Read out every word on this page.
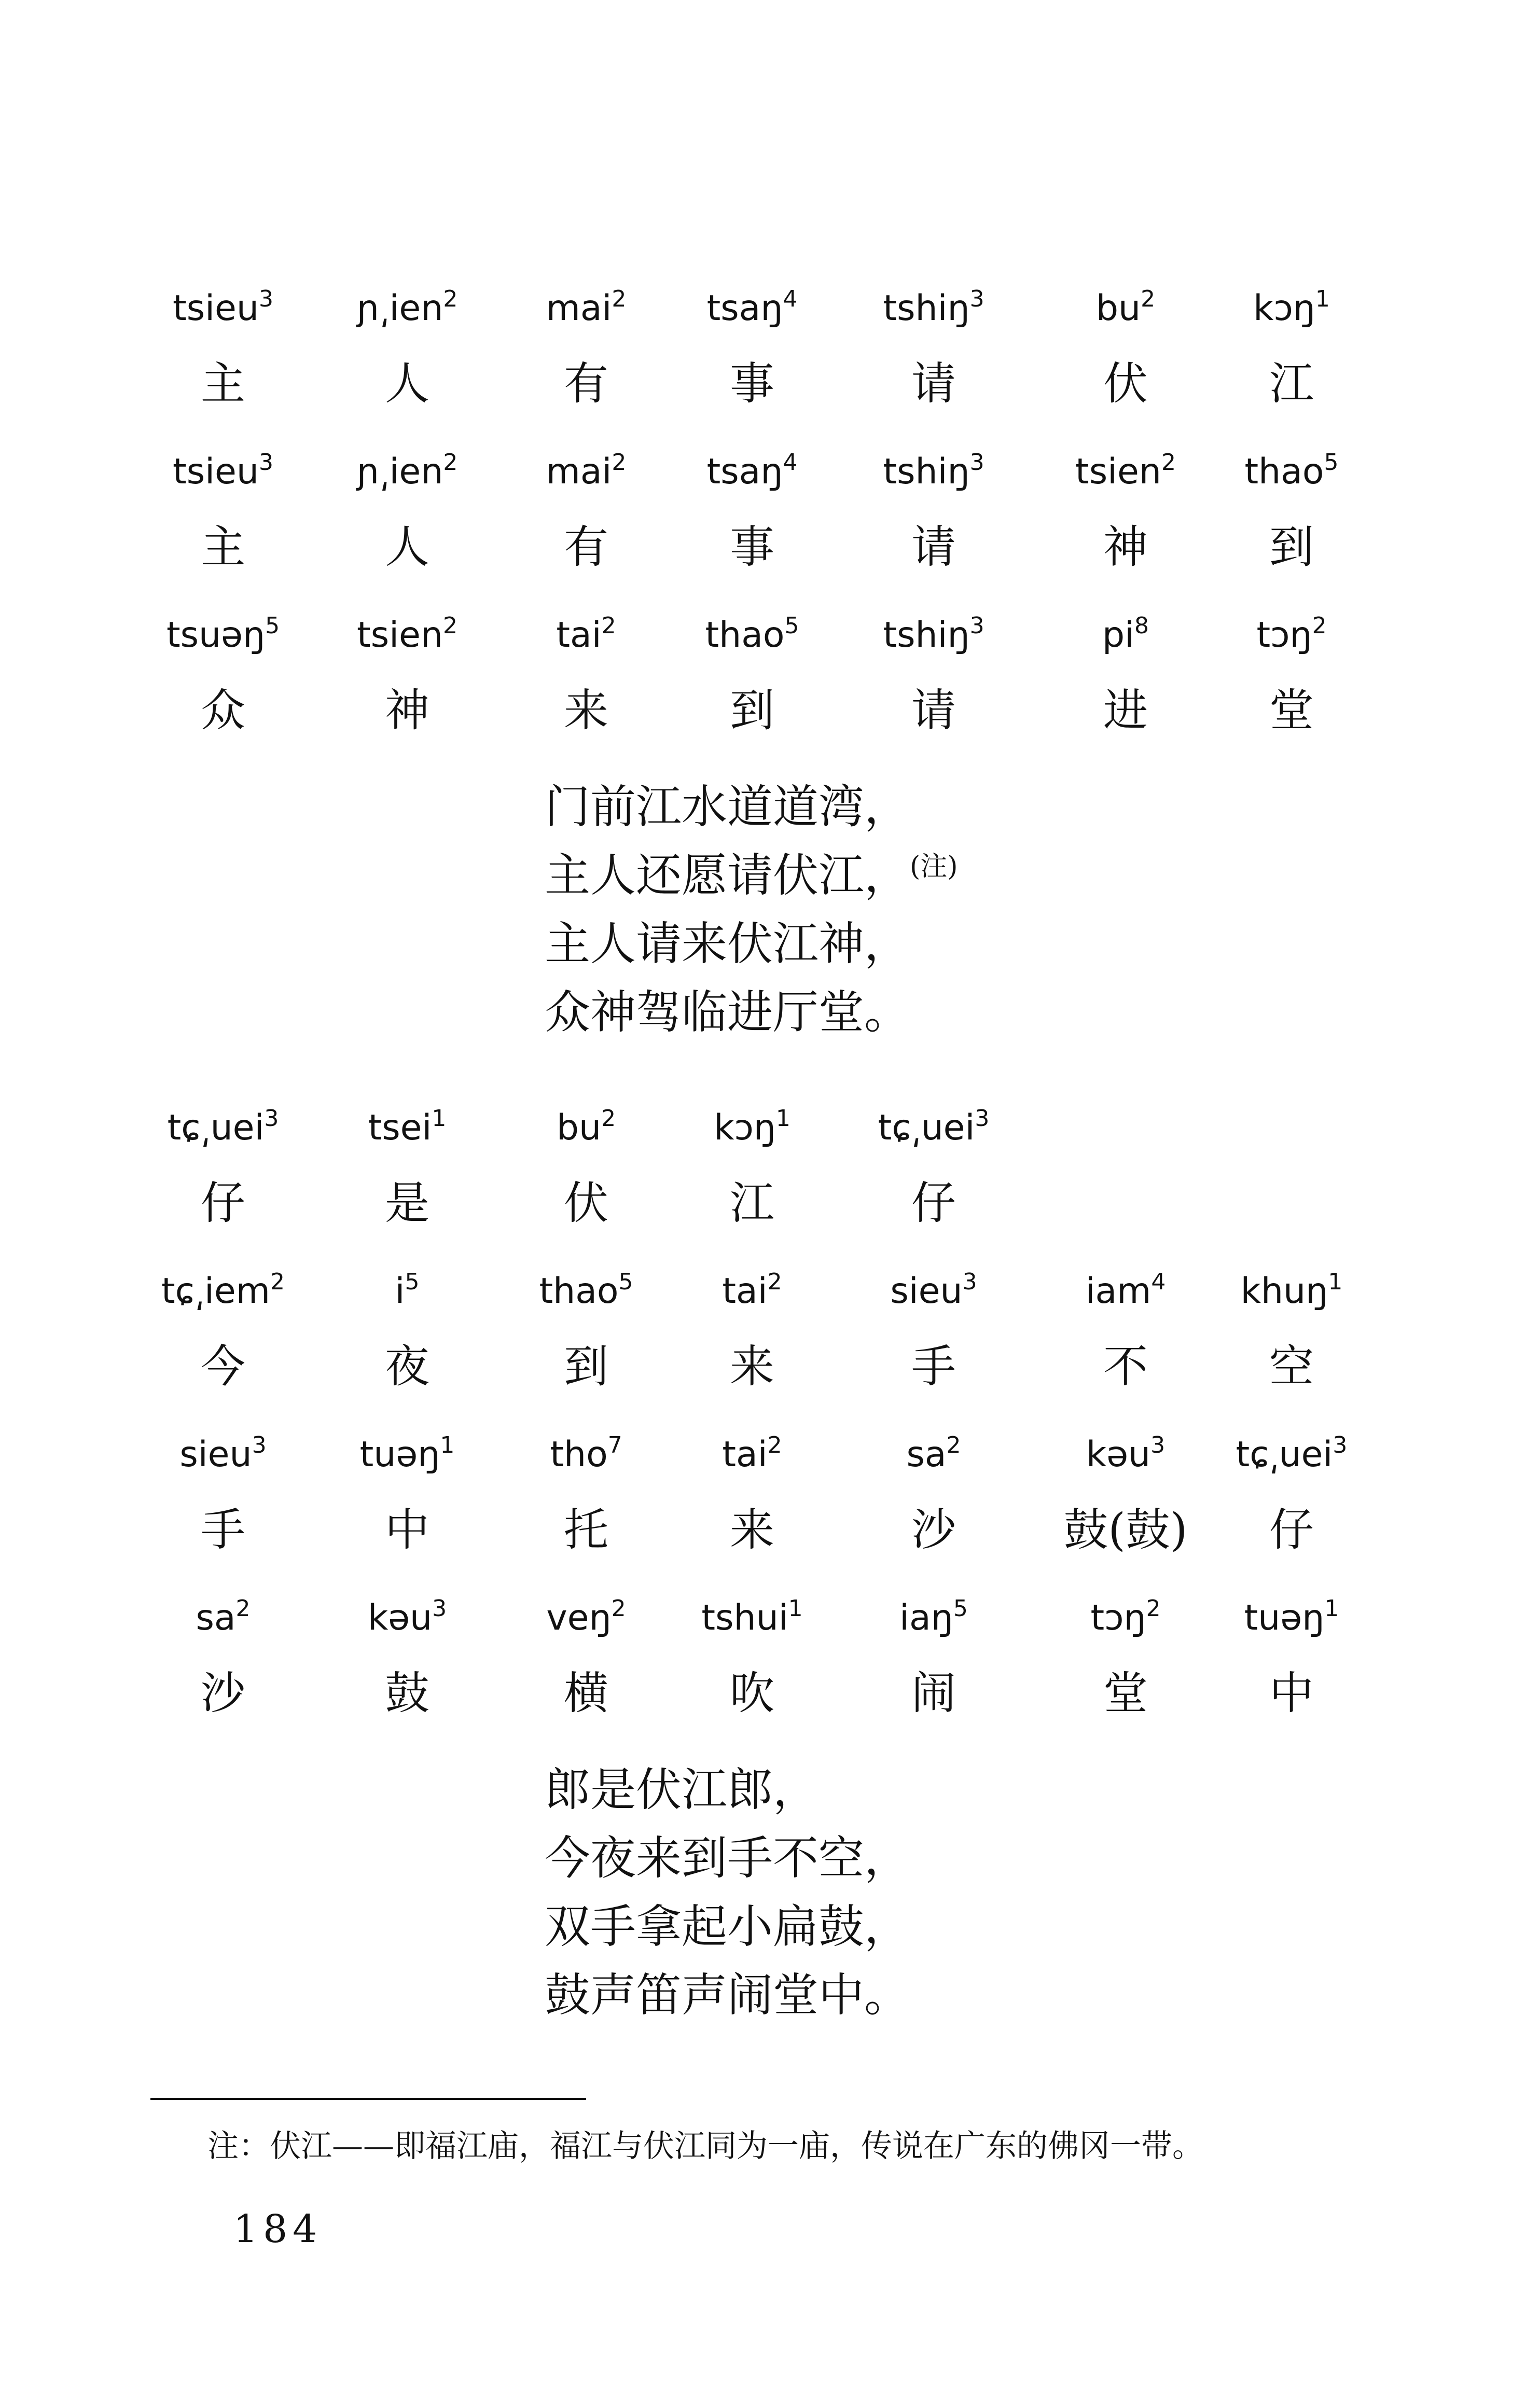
tsieu$^3$
主
ɲ͵ien$^2$
人
mai$^2$
有
tsaŋ$^4$
事
tshiŋ$^3$
请
$bu^2$
伏
kɔŋ$^1$
江
tsieu$^3$
主
ɲ͵ien$^2$
人
mai$^2$
有
tsaŋ$^4$
事
tshiŋ$^3$
请
tsien$^2$
神
thao$^5$
到
tsuəŋ$^5$
众
tsien$^2$
神
tai$^2$
来
thao$^5$
到
tshiŋ$^3$
请
$pi^8$
进
tɔŋ$^2$
堂
门前江水道道湾，
主人还愿请伏江，$^{(注)}$
主人请来伏江神，
众神驾临进厅堂。
tɕ͵uei$^3$
仔
tsei$^1$
是
$bu^2$
伏
kɔŋ$^1$
江
tɕ͵uei$^3$
仔
tɕ͵iem$^2$
今
$i^5$
夜
thao$^5$
到
tai$^2$
来
sieu$^3$
手
iam$^4$
不
khuŋ$^1$
空
sieu$^3$
手
tuəŋ$^1$
中
tho$^7$
托
tai$^2$
来
$sa^2$
沙
kəu$^3$
鼓(鼓)
tɕ͵uei$^3$
仔
$sa^2$
沙
kəu$^3$
鼓
veŋ$^2$
横
tshui$^1$
吹
iaŋ$^5$
闹
tɔŋ$^2$
堂
tuəŋ$^1$
中
郎是伏江郎，
今夜来到手不空，
双手拿起小扁鼓，
鼓声笛声闹堂中。
注：伏江——即福江庙，福江与伏江同为一庙，传说在广东的佛冈一带。
184
